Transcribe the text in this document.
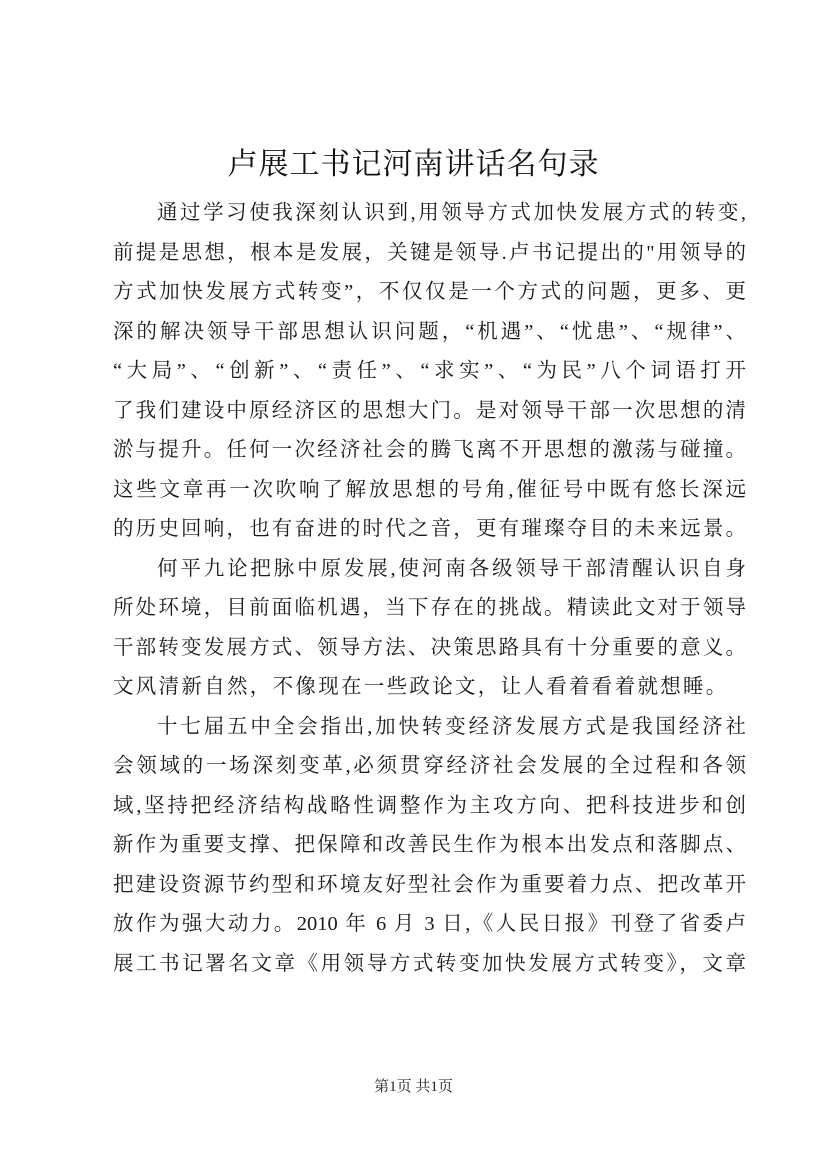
卢展工书记河南讲话名句录
通过学习使我深刻认识到,用领导方式加快发展方式的转变,
前提是思想，根本是发展，关键是领导.卢书记提出的"用领导的
方式加快发展方式转变”，不仅仅是一个方式的问题，更多、更
深的解决领导干部思想认识问题，“机遇”、“忧患”、“规律”、
“大局”、“创新”、“责任”、“求实”、“为民”八个词语打开
了我们建设中原经济区的思想大门。是对领导干部一次思想的清
淤与提升。任何一次经济社会的腾飞离不开思想的激荡与碰撞。
这些文章再一次吹响了解放思想的号角,催征号中既有悠长深远
的历史回响，也有奋进的时代之音，更有璀璨夺目的未来远景。
何平九论把脉中原发展,使河南各级领导干部清醒认识自身
所处环境，目前面临机遇，当下存在的挑战。精读此文对于领导
干部转变发展方式、领导方法、决策思路具有十分重要的意义。
文风清新自然，不像现在一些政论文，让人看着看着就想睡。
十七届五中全会指出,加快转变经济发展方式是我国经济社
会领域的一场深刻变革,必须贯穿经济社会发展的全过程和各领
域,坚持把经济结构战略性调整作为主攻方向、把科技进步和创
新作为重要支撑、把保障和改善民生作为根本出发点和落脚点、
把建设资源节约型和环境友好型社会作为重要着力点、把改革开
放作为强大动力。2010 年 6 月 3 日,《人民日报》刊登了省委卢
展工书记署名文章《用领导方式转变加快发展方式转变》，文章
第1页 共1页
